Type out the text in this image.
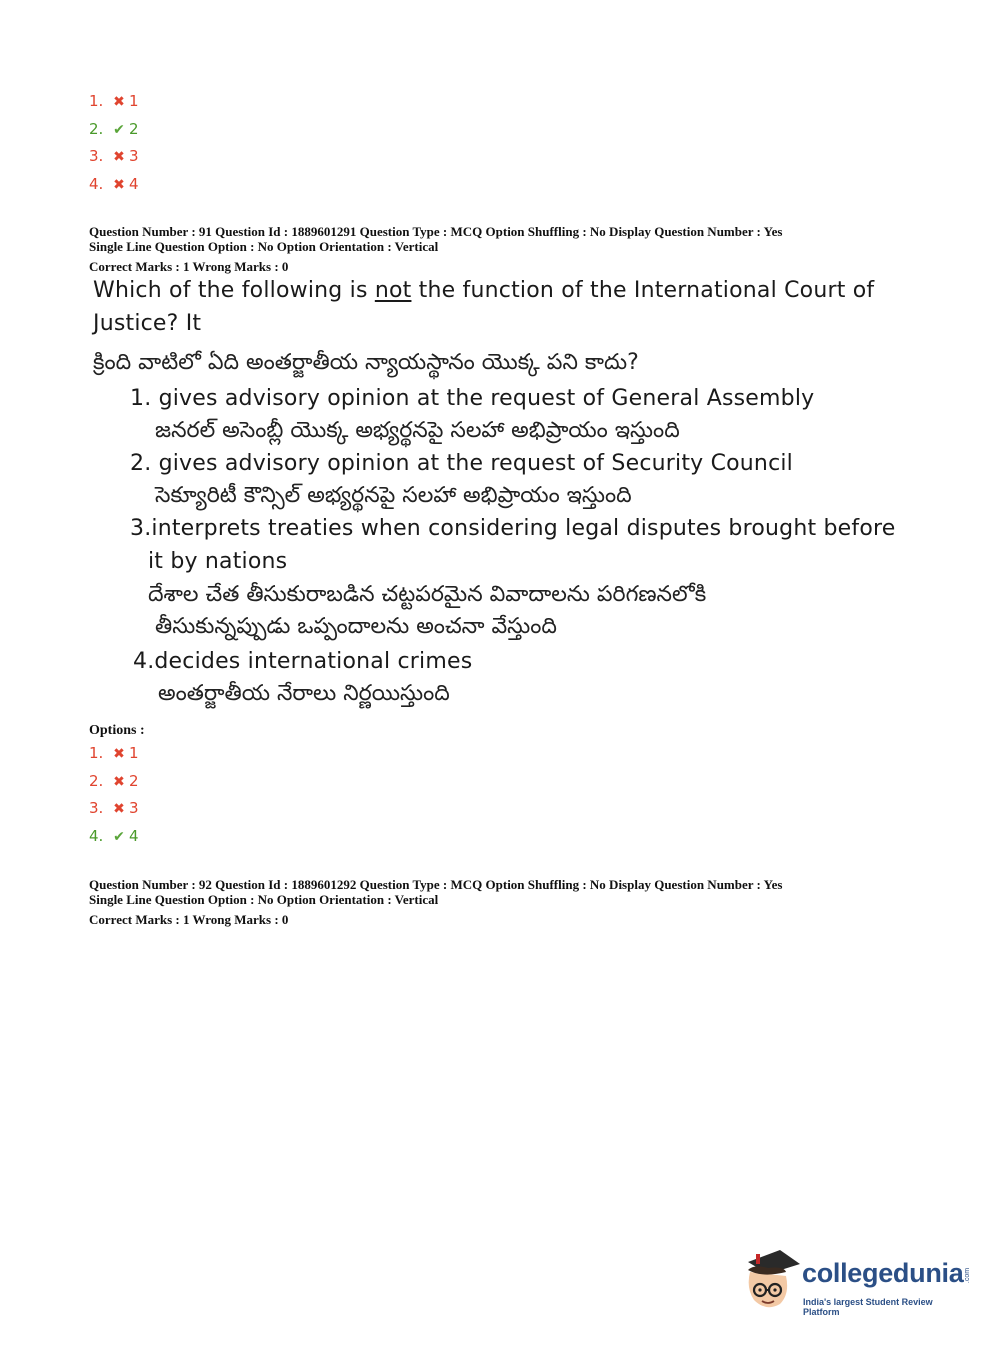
1. ✖ 1
2. ✔ 2
3. ✖ 3
4. ✖ 4
Question Number : 91 Question Id : 1889601291 Question Type : MCQ Option Shuffling : No Display Question Number : Yes
Single Line Question Option : No Option Orientation : Vertical
Correct Marks : 1 Wrong Marks : 0
Which of the following is not the function of the International Court of
Justice? It
క్రింది వాటిలో ఏది అంతర్జాతీయ న్యాయస్థానం యొక్క పని కాదు?
1. gives advisory opinion at the request of General Assembly
జనరల్ అసెంబ్లీ యొక్క అభ్యర్థనపై సలహా అభిప్రాయం ఇస్తుంది
2. gives advisory opinion at the request of Security Council
సెక్యూరిటీ కౌన్సిల్ అభ్యర్థనపై సలహా అభిప్రాయం ఇస్తుంది
3.interprets treaties when considering legal disputes brought before
it by nations
దేశాల చేత తీసుకురాబడిన చట్టపరమైన వివాదాలను పరిగణనలోకి
తీసుకున్నప్పుడు ఒప్పందాలను అంచనా వేస్తుంది
4.decides international crimes
అంతర్జాతీయ నేరాలు నిర్ణయిస్తుంది
Options :
1. ✖ 1
2. ✖ 2
3. ✖ 3
4. ✔ 4
Question Number : 92 Question Id : 1889601292 Question Type : MCQ Option Shuffling : No Display Question Number : Yes
Single Line Question Option : No Option Orientation : Vertical
Correct Marks : 1 Wrong Marks : 0
collegedunia .com
India's largest Student Review Platform
